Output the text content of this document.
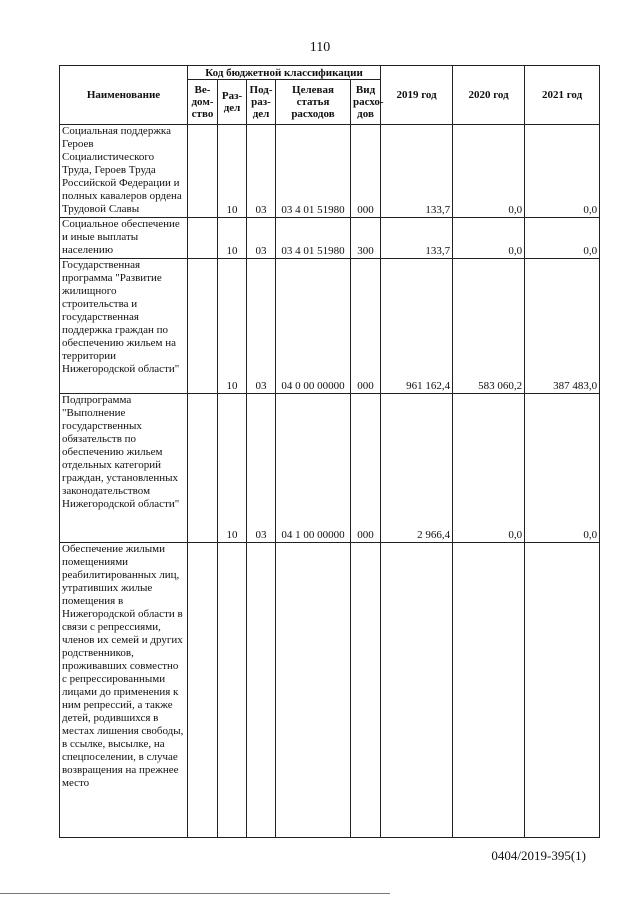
110
Наименование	Код бюджетной классификации					2019 год	2020 год	2021 год
	Ве-
дом-
ство	Раз-
дел	Под-
раз-
дел	Целевая
статья
расходов	Вид
расхо-
дов			
Социальная поддержка Героев Социалистического Труда, Героев Труда Российской Федерации и полных кавалеров ордена Трудовой Славы		10	03	03 4 01 51980	000	133,7	0,0	0,0
Социальное обеспечение и иные выплаты населению		10	03	03 4 01 51980	300	133,7	0,0	0,0
Государственная программа "Развитие жилищного строительства и государственная поддержка граждан по обеспечению жильем на территории Нижегородской области"		10	03	04 0 00 00000	000	961 162,4	583 060,2	387 483,0
Подпрограмма "Выполнение государственных обязательств по обеспечению жильем отдельных категорий граждан, установленных законодательством Нижегородской области"		10	03	04 1 00 00000	000	2 966,4	0,0	0,0
Обеспечение жилыми помещениями реабилитированных лиц, утративших жилые помещения в Нижегородской области в связи с репрессиями, членов их семей и других родственников, проживавших совместно с репрессированными лицами до применения к ним репрессий, а также детей, родившихся в местах лишения свободы, в ссылке, высылке, на спецпоселении, в случае возвращения на прежнее место								
0404/2019-395(1)
